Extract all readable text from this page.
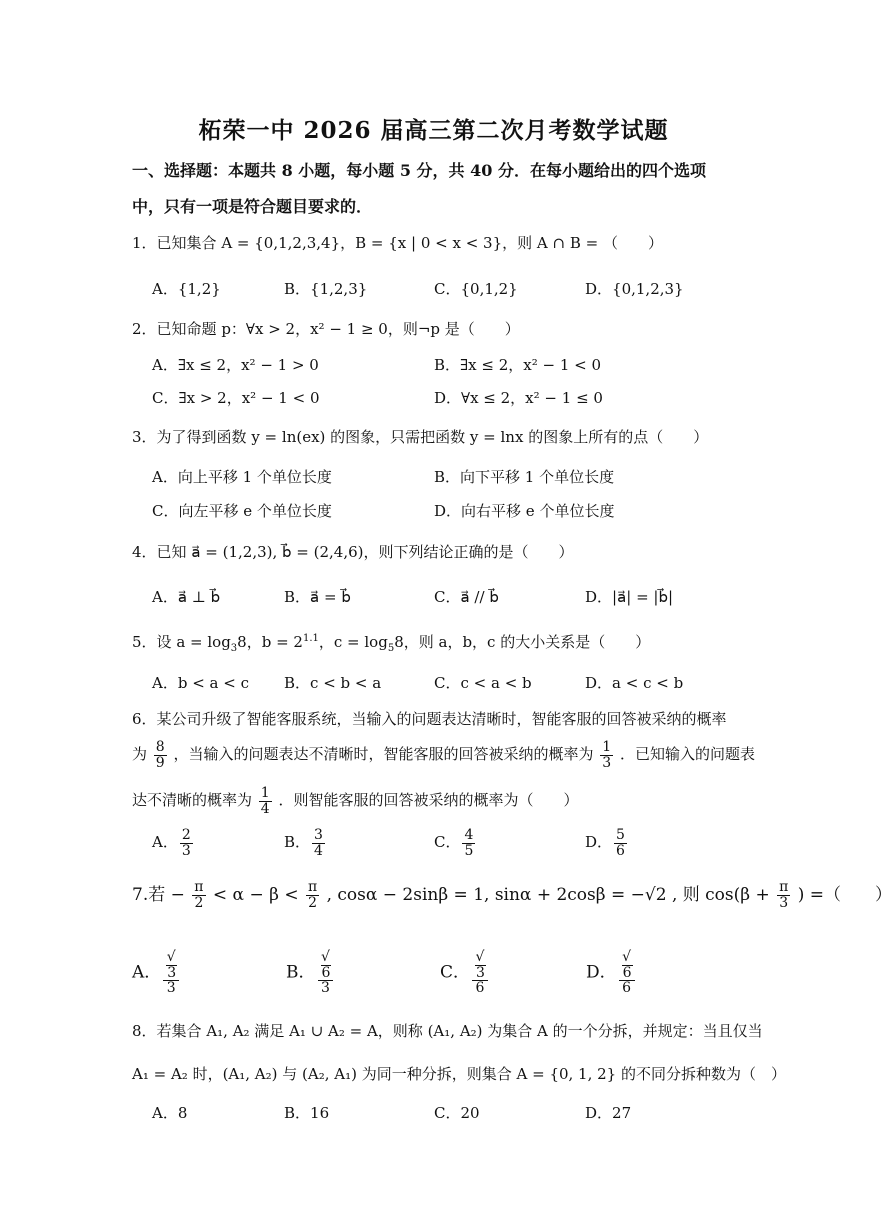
柘荣一中 2026 届高三第二次月考数学试题
一、选择题：本题共 8 小题，每小题 5 分，共 40 分．在每小题给出的四个选项
中，只有一项是符合题目要求的．
1．已知集合 A = {0,1,2,3,4}，B = {x | 0 < x < 3}，则 A ∩ B = （　　）
A．{1,2}	B．{1,2,3}	C．{0,1,2}	D．{0,1,2,3}
2．已知命题 p：∀x > 2，x² − 1 ≥ 0，则¬p 是（　　）
A．∃x ≤ 2，x² − 1 > 0	B．∃x ≤ 2，x² − 1 < 0
C．∃x > 2，x² − 1 < 0	D．∀x ≤ 2，x² − 1 ≤ 0
3．为了得到函数 y = ln(ex) 的图象，只需把函数 y = lnx 的图象上所有的点（　　）
A．向上平移 1 个单位长度	B．向下平移 1 个单位长度
C．向左平移 e 个单位长度	D．向右平移 e 个单位长度
4．已知 a⃗ = (1,2,3), b⃗ = (2,4,6)，则下列结论正确的是（　　）
A．a⃗ ⊥ b⃗	B．a⃗ = b⃗	C．a⃗ // b⃗	D．|a⃗| = |b⃗|
5．设 $a = \log_38$，$b = 2^{1.1}$，$c = \log_58$，则 a，b，c 的大小关系是（　　）
A．b < a < c B．c < b < a	C．c < a < b	D．a < c < b
6．某公司升级了智能客服系统，当输入的问题表达清晰时，智能客服的回答被采纳的概率
为 $\frac{8}{9}$ ，当输入的问题表达不清晰时，智能客服的回答被采纳的概率为 $\frac{1}{3}$ ．已知输入的问题表
达不清晰的概率为 $\frac{1}{4}$ ．则智能客服的回答被采纳的概率为（　　）
A． $\frac{2}{3}$	B． $\frac{3}{4}$	C． $\frac{4}{5}$	D． $\frac{5}{6}$
7.若 − $\frac{\pi}{2} < \alpha - \beta < \frac{\pi}{2}$ , cosα − 2sinβ = 1, sinα + 2cosβ = −√2 , 则 $\cos(\beta + \frac{\pi}{3}$ ) =（　　）
A． √
3
3	B． √
6
3	C． √
3
6	D． √
6
6
8．若集合 A₁, A₂ 满足 A₁ ∪ A₂ = A，则称 (A₁, A₂) 为集合 A 的一个分拆，并规定：当且仅当
A₁ = A₂ 时，(A₁, A₂) 与 (A₂, A₁) 为同一种分拆，则集合 A = {0, 1, 2} 的不同分拆种数为（　）
A．8	B．16	C．20	D．27
